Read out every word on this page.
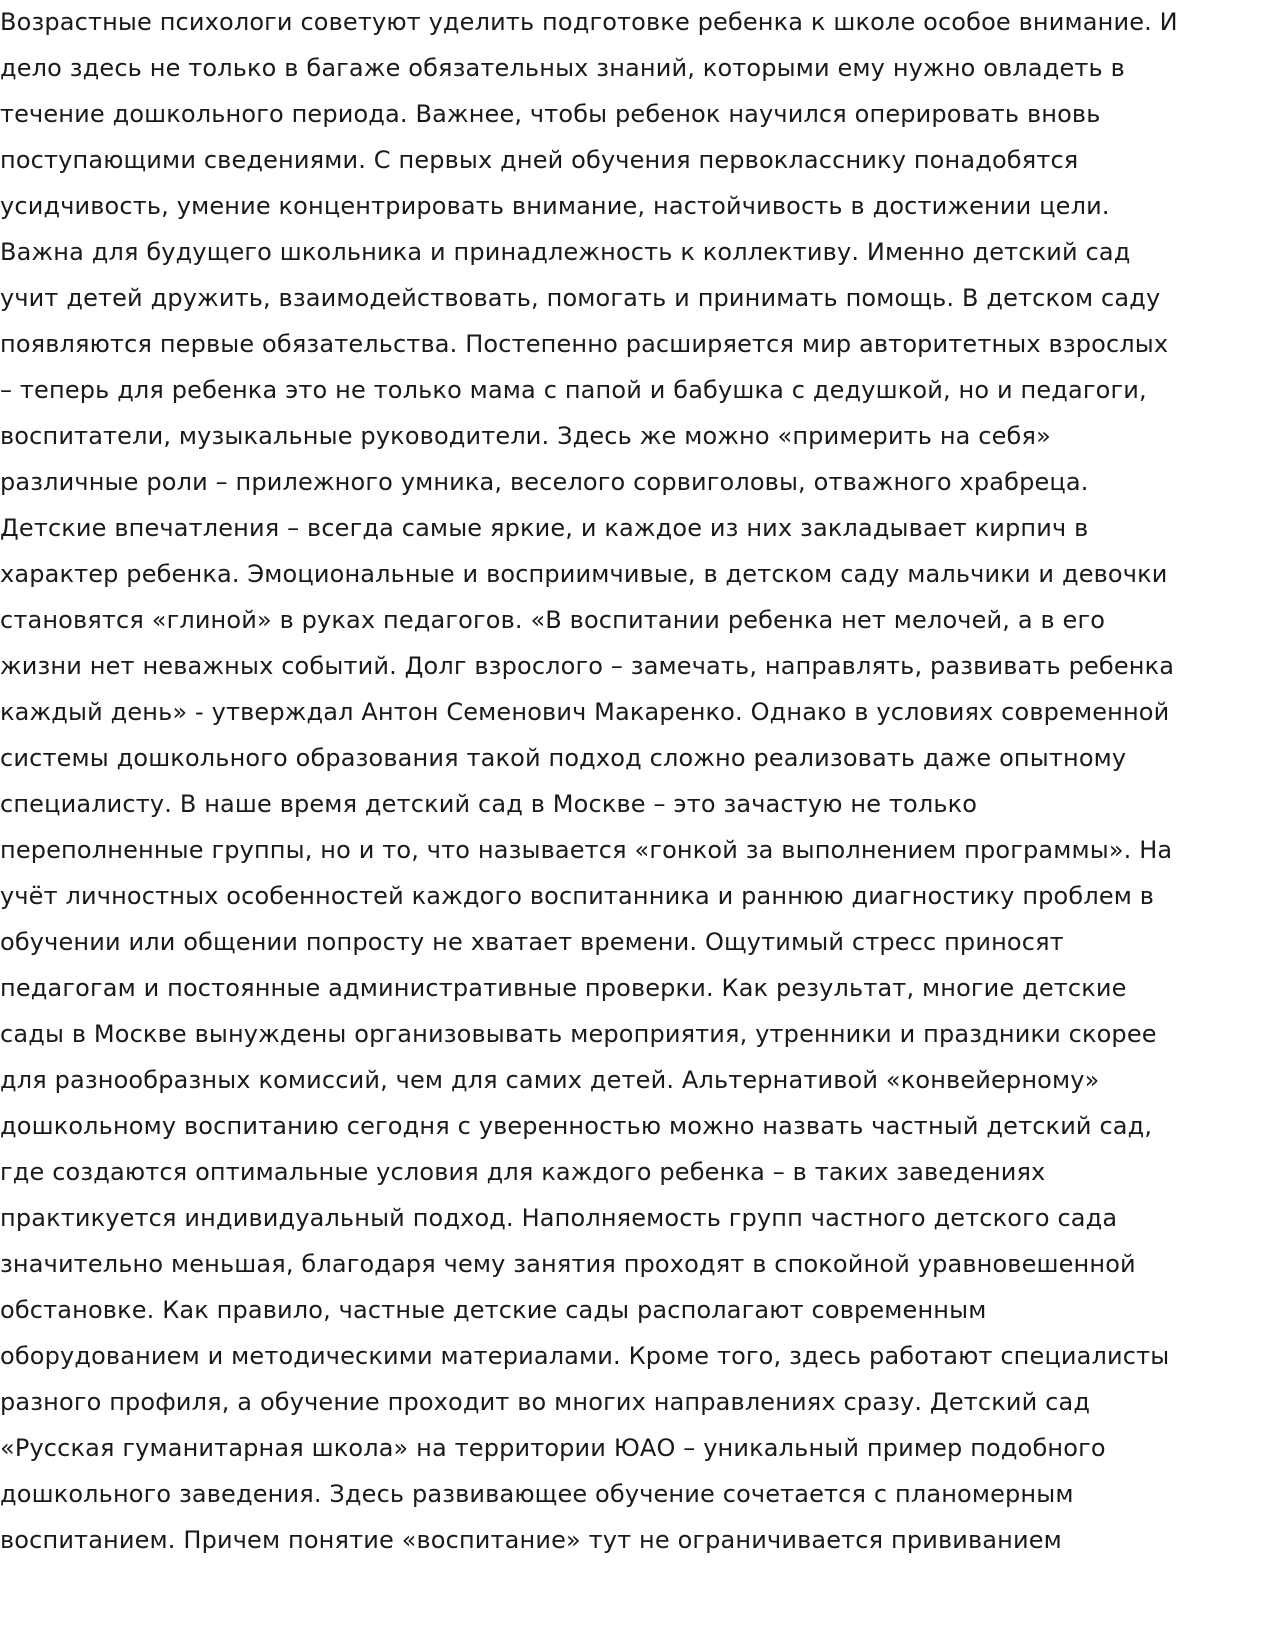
Возрастные психологи советуют уделить подготовке ребенка к школе особое внимание. И
дело здесь не только в багаже обязательных знаний, которыми ему нужно овладеть в
течение дошкольного периода. Важнее, чтобы ребенок научился оперировать вновь
поступающими сведениями. С первых дней обучения первокласснику понадобятся
усидчивость, умение концентрировать внимание, настойчивость в достижении цели.
Важна для будущего школьника и принадлежность к коллективу. Именно детский сад
учит детей дружить, взаимодействовать, помогать и принимать помощь. В детском саду
появляются первые обязательства. Постепенно расширяется мир авторитетных взрослых
– теперь для ребенка это не только мама с папой и бабушка с дедушкой, но и педагоги,
воспитатели, музыкальные руководители. Здесь же можно «примерить на себя»
различные роли – прилежного умника, веселого сорвиголовы, отважного храбреца.
Детские впечатления – всегда самые яркие, и каждое из них закладывает кирпич в
характер ребенка. Эмоциональные и восприимчивые, в детском саду мальчики и девочки
становятся «глиной» в руках педагогов. «В воспитании ребенка нет мелочей, а в его
жизни нет неважных событий. Долг взрослого – замечать, направлять, развивать ребенка
каждый день» - утверждал Антон Семенович Макаренко. Однако в условиях современной
системы дошкольного образования такой подход сложно реализовать даже опытному
специалисту. В наше время детский сад в Москве – это зачастую не только
переполненные группы, но и то, что называется «гонкой за выполнением программы». На
учёт личностных особенностей каждого воспитанника и раннюю диагностику проблем в
обучении или общении попросту не хватает времени. Ощутимый стресс приносят
педагогам и постоянные административные проверки. Как результат, многие детские
сады в Москве вынуждены организовывать мероприятия, утренники и праздники скорее
для разнообразных комиссий, чем для самих детей. Альтернативой «конвейерному»
дошкольному воспитанию сегодня с уверенностью можно назвать частный детский сад,
где создаются оптимальные условия для каждого ребенка – в таких заведениях
практикуется индивидуальный подход. Наполняемость групп частного детского сада
значительно меньшая, благодаря чему занятия проходят в спокойной уравновешенной
обстановке. Как правило, частные детские сады располагают современным
оборудованием и методическими материалами. Кроме того, здесь работают специалисты
разного профиля, а обучение проходит во многих направлениях сразу. Детский сад
«Русская гуманитарная школа» на территории ЮАО – уникальный пример подобного
дошкольного заведения. Здесь развивающее обучение сочетается с планомерным
воспитанием. Причем понятие «воспитание» тут не ограничивается прививанием
